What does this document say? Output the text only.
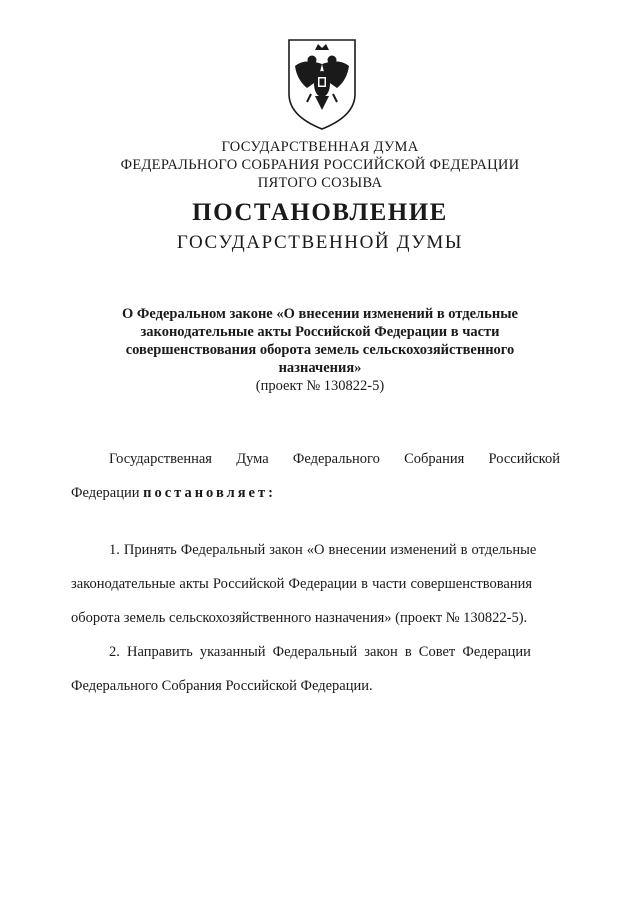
ГОСУДАРСТВЕННАЯ ДУМА
ФЕДЕРАЛЬНОГО СОБРАНИЯ РОССИЙСКОЙ ФЕДЕРАЦИИ
ПЯТОГО СОЗЫВА
ПОСТАНОВЛЕНИЕ
ГОСУДАРСТВЕННОЙ ДУМЫ
О Федеральном законе «О внесении изменений в отдельные
законодательные акты Российской Федерации в части
совершенствования оборота земель сельскохозяйственного
назначения»
(проект № 130822-5)
Государственная Дума Федерального Собрания Российской
Федерации постановляет:
1. Принять Федеральный закон «О внесении изменений в отдельные
законодательные акты Российской Федерации в части совершенствования
оборота земель сельскохозяйственного назначения» (проект № 130822-5).
2. Направить указанный Федеральный закон в Совет Федерации
Федерального Собрания Российской Федерации.
